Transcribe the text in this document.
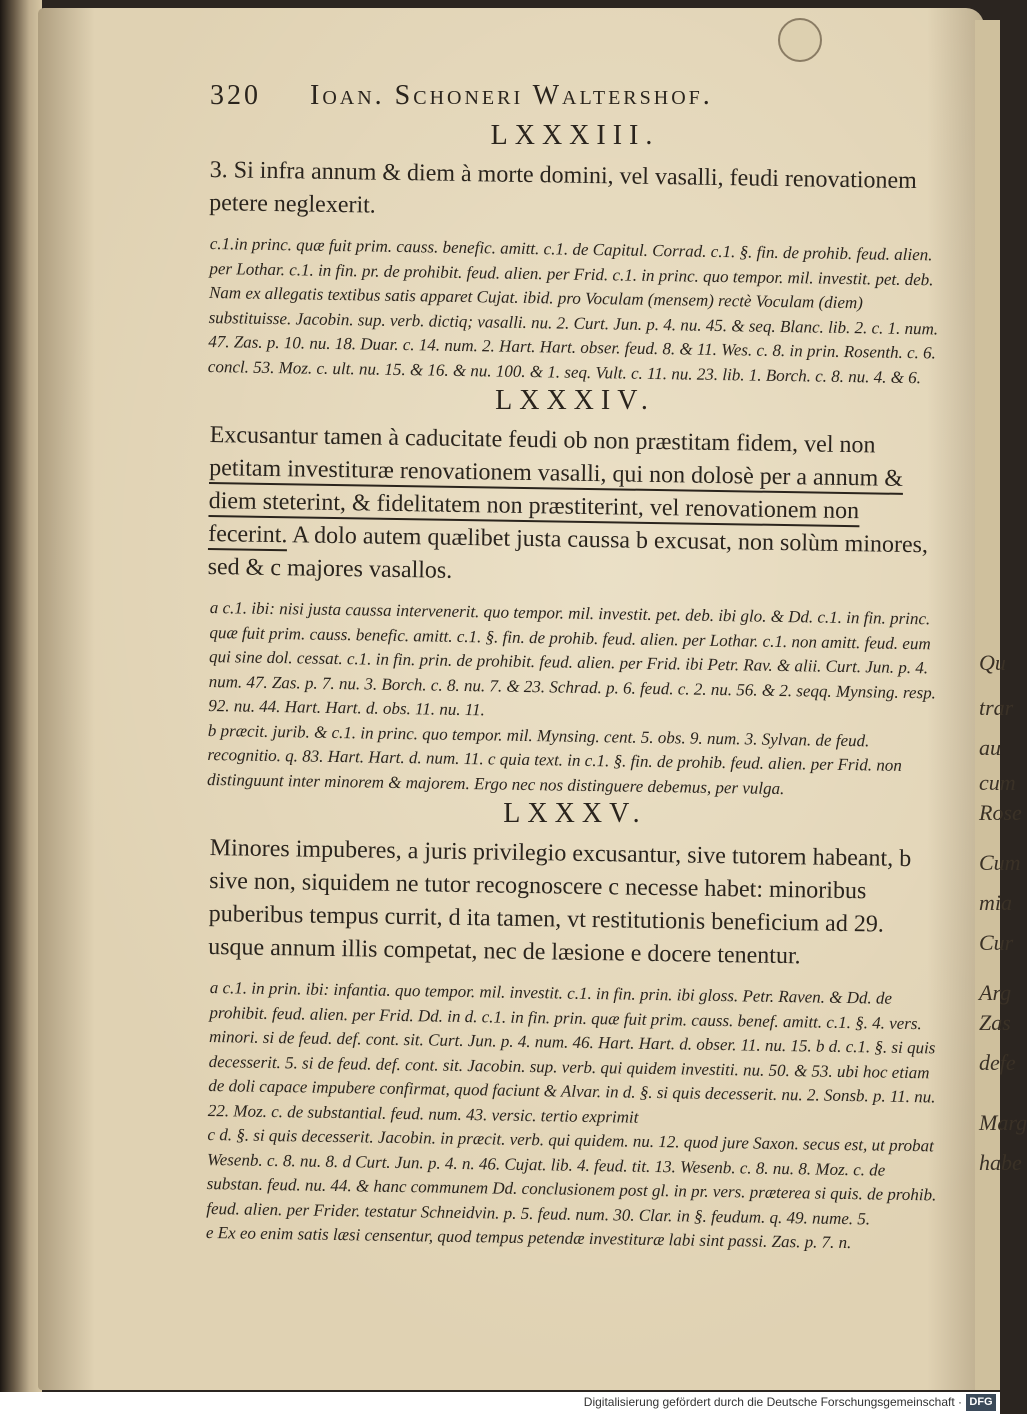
Qu
trar
au
cum
Rose
Cum
mia
Cur
Arg
Zas
defe
Marg
habe
320 Ioan. Schoneri Waltershof.
LXXXIII.

3. Si infra annum & diem à morte domini, vel vasalli, feudi renovationem petere neglexerit.

c.1.in princ. quæ fuit prim. causs. benefic. amitt. c.1. de Capitul. Corrad. c.1. §. fin. de prohib. feud. alien. per Lothar. c.1. in fin. pr. de prohibit. feud. alien. per Frid. c.1. in princ. quo tempor. mil. investit. pet. deb. Nam ex allegatis textibus satis apparet Cujat. ibid. pro Voculam (mensem) rectè Voculam (diem) substituisse. Jacobin. sup. verb. dictiq; vasalli. nu. 2. Curt. Jun. p. 4. nu. 45. & seq. Blanc. lib. 2. c. 1. num. 47. Zas. p. 10. nu. 18. Duar. c. 14. num. 2. Hart. Hart. obser. feud. 8. & 11. Wes. c. 8. in prin. Rosenth. c. 6. concl. 53. Moz. c. ult. nu. 15. & 16. & nu. 100. & 1. seq. Vult. c. 11. nu. 23. lib. 1. Borch. c. 8. nu. 4. & 6.

LXXXIV.

Excusantur tamen à caducitate feudi ob non præstitam fidem, vel non petitam investituræ renovationem vasalli, qui non dolosè per a annum & diem steterint, & fidelitatem non præstiterint, vel renovationem non fecerint. A dolo autem quælibet justa caussa b excusat, non solùm minores, sed & c majores vasallos.

a c.1. ibi: nisi justa caussa intervenerit. quo tempor. mil. investit. pet. deb. ibi glo. & Dd. c.1. in fin. princ. quæ fuit prim. causs. benefic. amitt. c.1. §. fin. de prohib. feud. alien. per Lothar. c.1. non amitt. feud. eum qui sine dol. cessat. c.1. in fin. prin. de prohibit. feud. alien. per Frid. ibi Petr. Rav. & alii. Curt. Jun. p. 4. num. 47. Zas. p. 7. nu. 3. Borch. c. 8. nu. 7. & 23. Schrad. p. 6. feud. c. 2. nu. 56. & 2. seqq. Mynsing. resp. 92. nu. 44. Hart. Hart. d. obs. 11. nu. 11.

b præcit. jurib. & c.1. in princ. quo tempor. mil. Mynsing. cent. 5. obs. 9. num. 3. Sylvan. de feud. recognitio. q. 83. Hart. Hart. d. num. 11. c quia text. in c.1. §. fin. de prohib. feud. alien. per Frid. non distinguunt inter minorem & majorem. Ergo nec nos distinguere debemus, per vulga.

LXXXV.

Minores impuberes, a juris privilegio excusantur, sive tutorem habeant, b sive non, siquidem ne tutor recognoscere c necesse habet: minoribus puberibus tempus currit, d ita tamen, vt restitutionis beneficium ad 29. usque annum illis competat, nec de læsione e docere tenentur.

a c.1. in prin. ibi: infantia. quo tempor. mil. investit. c.1. in fin. prin. ibi gloss. Petr. Raven. & Dd. de prohibit. feud. alien. per Frid. Dd. in d. c.1. in fin. prin. quæ fuit prim. causs. benef. amitt. c.1. §. 4. vers. minori. si de feud. def. cont. sit. Curt. Jun. p. 4. num. 46. Hart. Hart. d. obser. 11. nu. 15. b d. c.1. §. si quis decesserit. 5. si de feud. def. cont. sit. Jacobin. sup. verb. qui quidem investiti. nu. 50. & 53. ubi hoc etiam de doli capace impubere confirmat, quod faciunt & Alvar. in d. §. si quis decesserit. nu. 2. Sonsb. p. 11. nu. 22. Moz. c. de substantial. feud. num. 43. versic. tertio exprimit

c d. §. si quis decesserit. Jacobin. in præcit. verb. qui quidem. nu. 12. quod jure Saxon. secus est, ut probat Wesenb. c. 8. nu. 8. d Curt. Jun. p. 4. n. 46. Cujat. lib. 4. feud. tit. 13. Wesenb. c. 8. nu. 8. Moz. c. de substan. feud. nu. 44. & hanc communem Dd. conclusionem post gl. in pr. vers. præterea si quis. de prohib. feud. alien. per Frider. testatur Schneidvin. p. 5. feud. num. 30. Clar. in §. feudum. q. 49. nume. 5.

e Ex eo enim satis læsi censentur, quod tempus petendæ investituræ labi sint passi. Zas. p. 7. n.

Digitalisierung gefördert durch die Deutsche Forschungsgemeinschaft · DFG
